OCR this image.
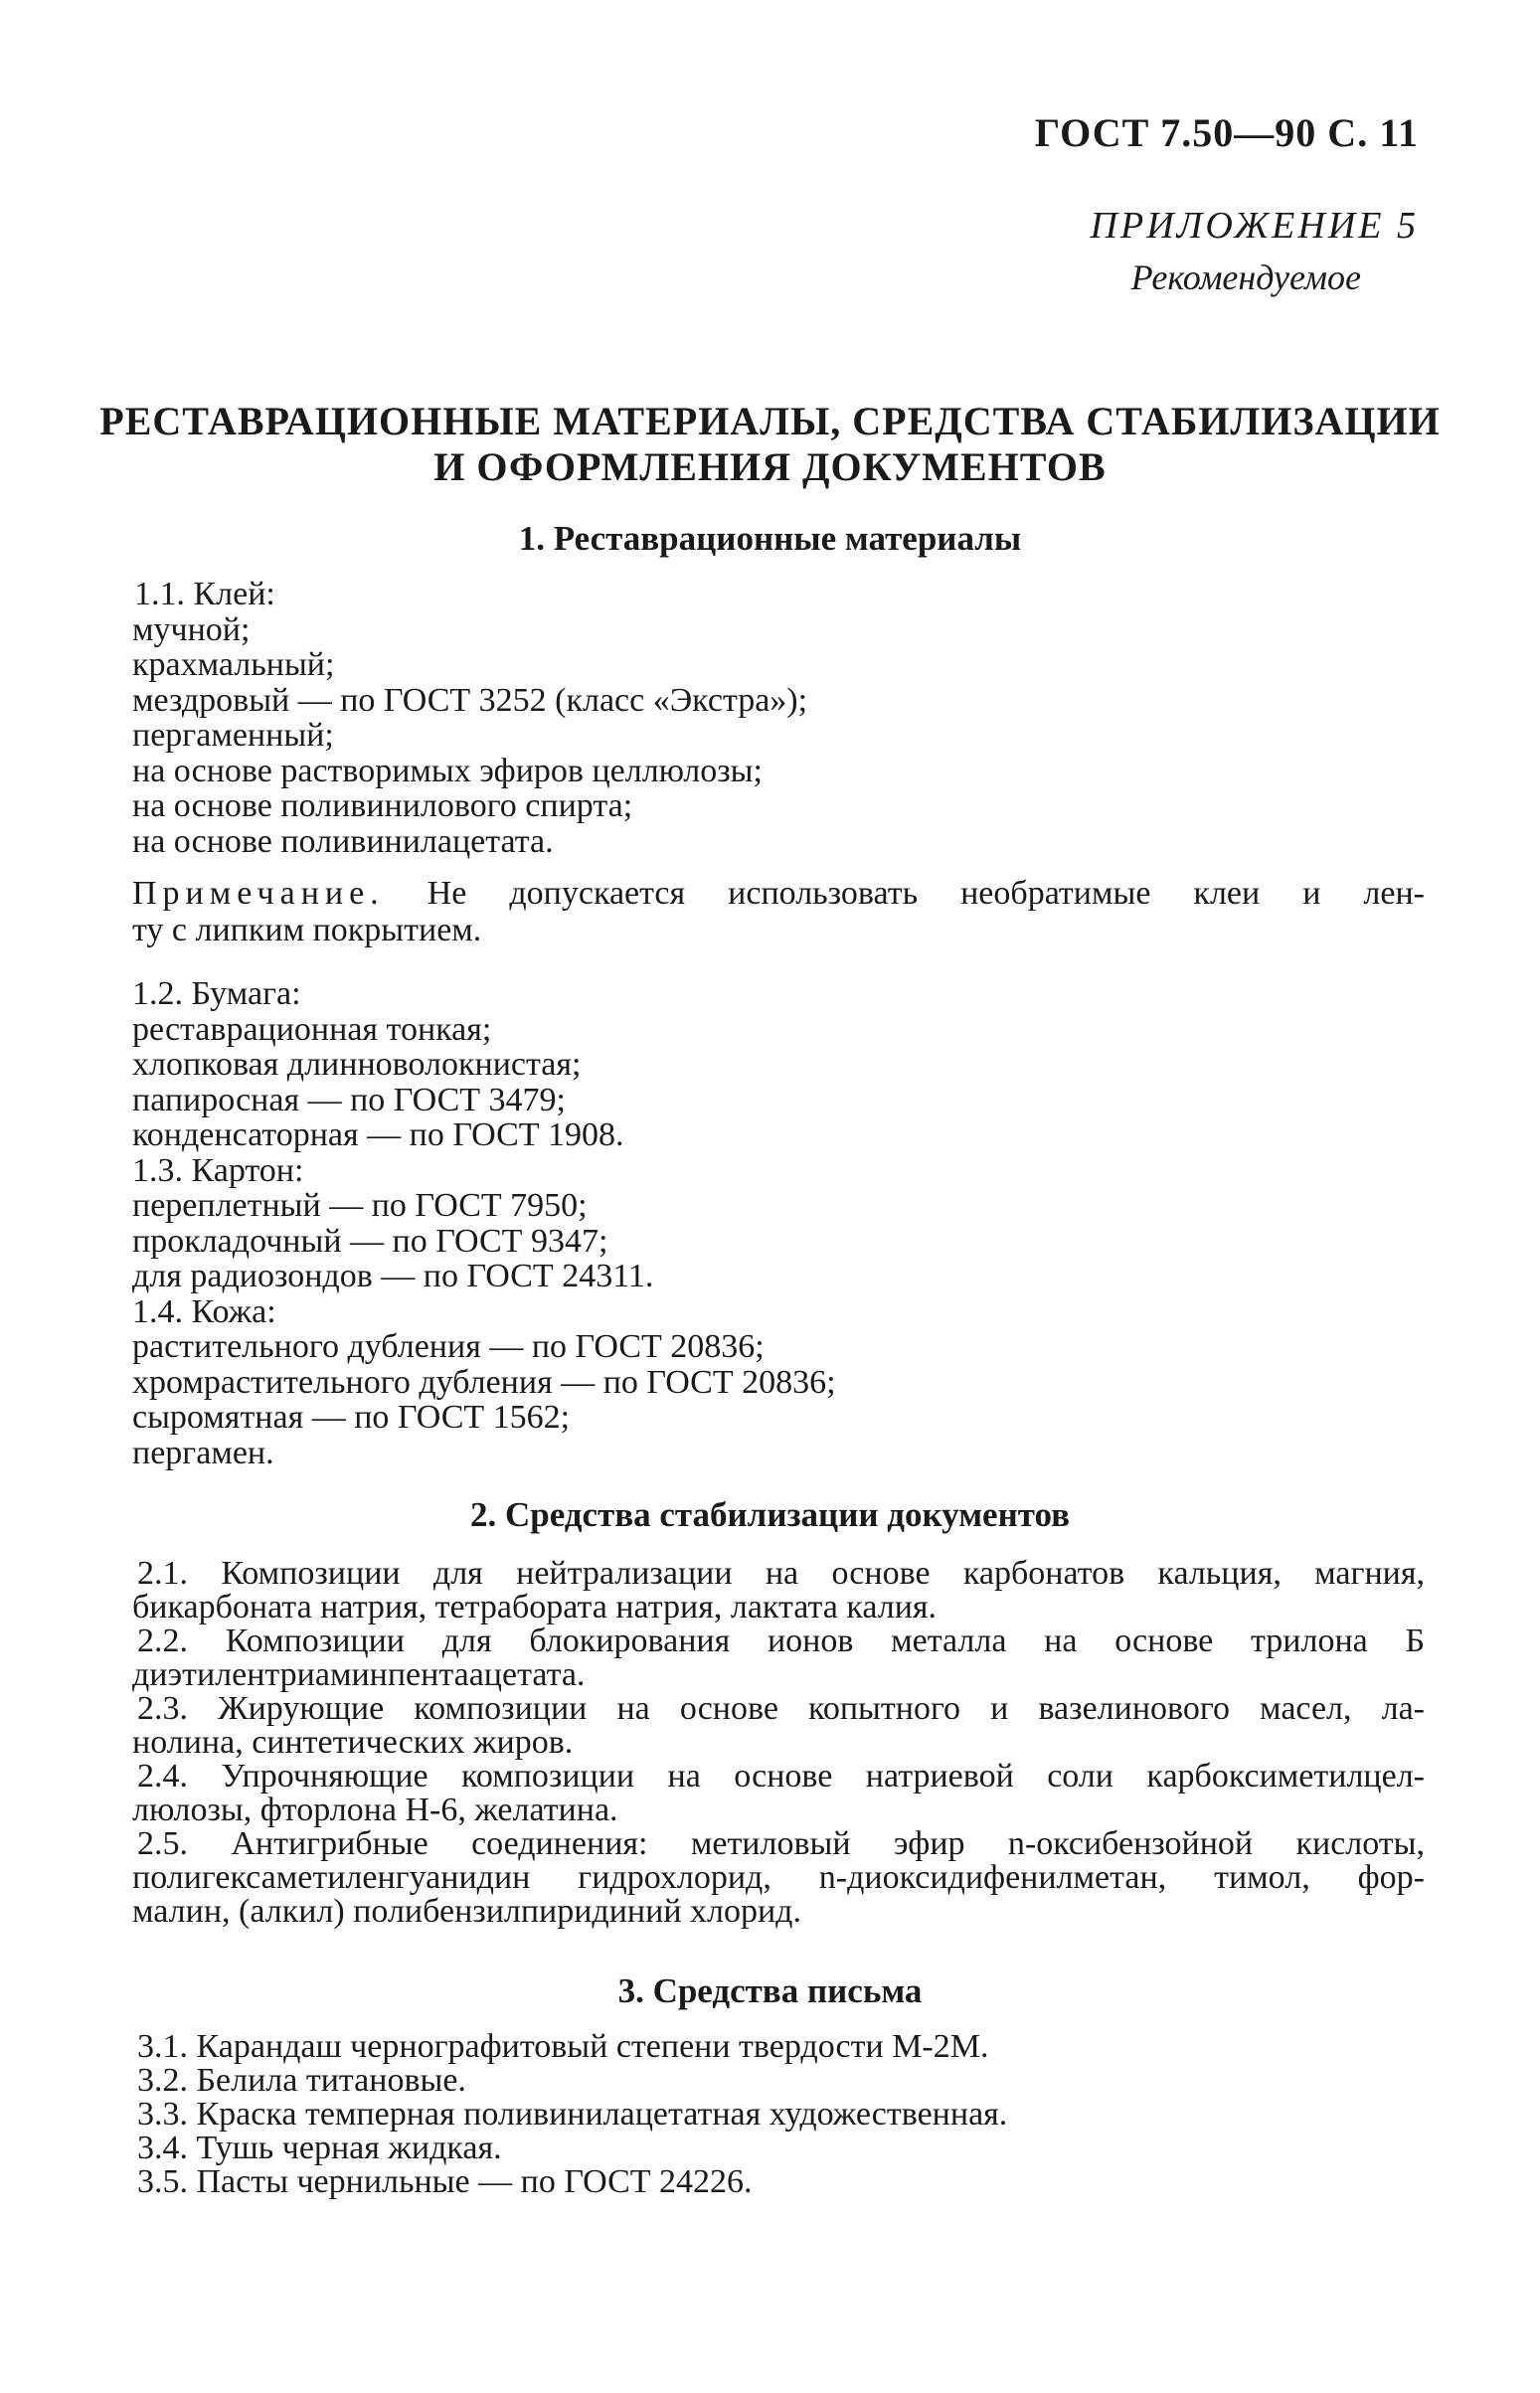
ГОСТ 7.50—90 С. 11
ПРИЛОЖЕНИЕ 5
Рекомендуемое
РЕСТАВРАЦИОННЫЕ МАТЕРИАЛЫ, СРЕДСТВА СТАБИЛИЗАЦИИ
И ОФОРМЛЕНИЯ ДОКУМЕНТОВ
1. Реставрационные материалы
1.1. Клей:
мучной;
крахмальный;
мездровый — по ГОСТ 3252 (класс «Экстра»);
пергаменный;
на основе растворимых эфиров целлюлозы;
на основе поливинилового спирта;
на основе поливинилацетата.
Примечание. Не допускается использовать необратимые клеи и лен-
ту с липким покрытием.
1.2. Бумага:
реставрационная тонкая;
хлопковая длинноволокнистая;
папиросная — по ГОСТ 3479;
конденсаторная — по ГОСТ 1908.
1.3. Картон:
переплетный — по ГОСТ 7950;
прокладочный — по ГОСТ 9347;
для радиозондов — по ГОСТ 24311.
1.4. Кожа:
растительного дубления — по ГОСТ 20836;
хромрастительного дубления — по ГОСТ 20836;
сыромятная — по ГОСТ 1562;
пергамен.
2. Средства стабилизации документов

2.1. Композиции для нейтрализации на основе карбонатов кальция, магния,

бикарбоната натрия, тетрабората натрия, лактата калия.

2.2. Композиции для блокирования ионов металла на основе трилона Б

диэтилентриаминпентаацетата.

2.3. Жирующие композиции на основе копытного и вазелинового масел, ла-

нолина, синтетических жиров.

2.4. Упрочняющие композиции на основе натриевой соли карбоксиметилцел-

люлозы, фторлона Н-6, желатина.

2.5. Антигрибные соединения: метиловый эфир n-оксибензойной кислоты,

полигексаметиленгуанидин гидрохлорид, n-диоксидифенилметан, тимол, фор-

малин, (алкил) полибензилпиридиний хлорид.

3. Средства письма
3.1. Карандаш чернографитовый степени твердости М-2М.
3.2. Белила титановые.
3.3. Краска темперная поливинилацетатная художественная.
3.4. Тушь черная жидкая.
3.5. Пасты чернильные — по ГОСТ 24226.
